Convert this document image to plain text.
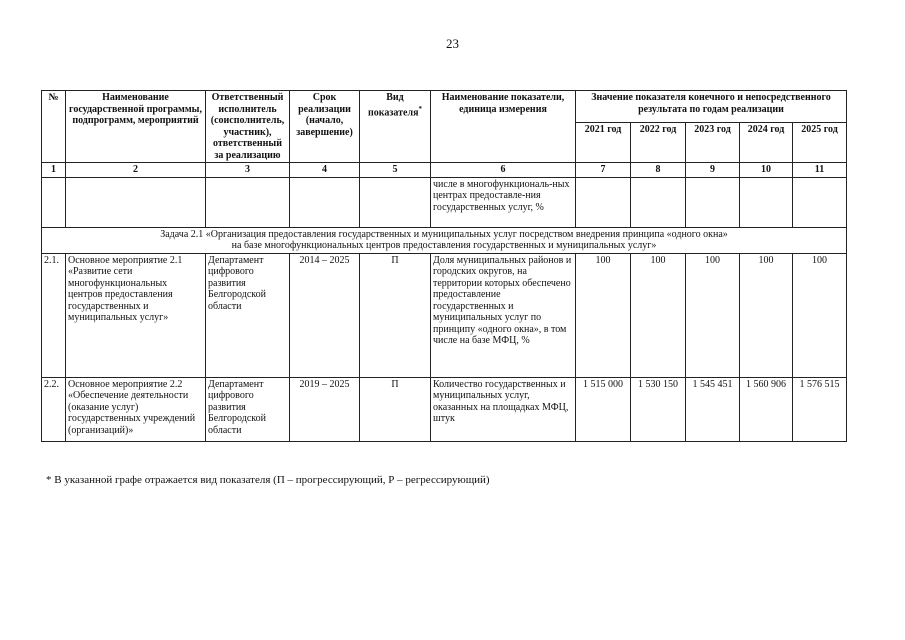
23
№	Наименование государственной программы, подпрограмм, мероприятий	Ответственный исполнитель (соисполнитель, участник), ответственный за реализацию	Срок реализации (начало, завершение)	Вид показателя*	Наименование показатели, единица измерения	Значение показателя конечного и непосредственного результата по годам реализации				
						2021 год	2022 год	2023 год	2024 год	2025 год
1	2	3	4	5	6	7	8	9	10	11
					числе в многофункциональ-ных центрах предоставле-ния государственных услуг, %					

Задача 2.1 «Организация предоставления государственных и муниципальных услуг посредством внедрения принципа «одного окна»
на базе многофункциональных центров предоставления государственных и муниципальных услуг»										

2.1.	Основное мероприятие 2.1 «Развитие сети многофункциональных центров предоставления государственных и муниципальных услуг»	Департамент цифрового развития Белгородской области	2014 – 2025	П	Доля муниципальных районов и городских округов, на территории которых обеспечено предоставление государственных и муниципальных услуг по принципу «одного окна», в том числе на базе МФЦ, %	100	100	100	100	100
2.2.	Основное мероприятие 2.2 «Обеспечение деятельности (оказание услуг) государственных учреждений (организаций)»	Департамент цифрового развития Белгородской области	2019 – 2025	П	Количество государственных и муниципальных услуг, оказанных на площадках МФЦ, штук	1 515 000	1 530 150	1 545 451	1 560 906	1 576 515
* В указанной графе отражается вид показателя (П – прогрессирующий, Р – регрессирующий)
